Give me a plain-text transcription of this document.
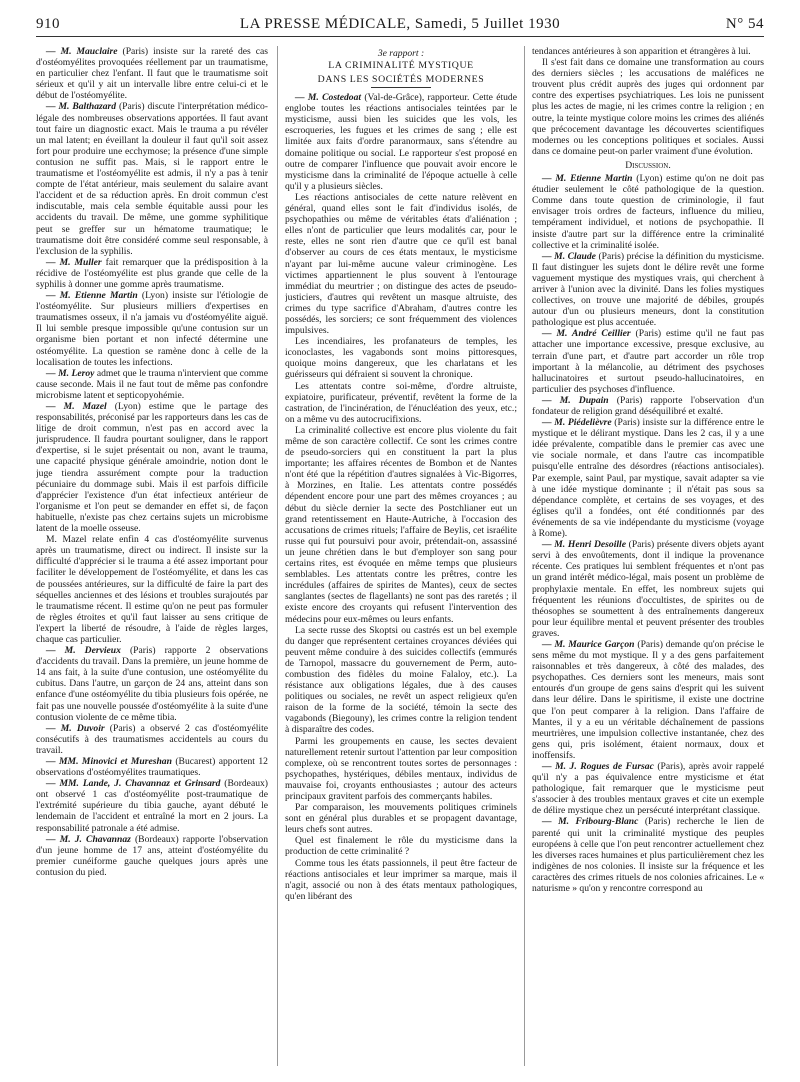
910	LA PRESSE MÉDICALE, Samedi, 5 Juillet 1930	N° 54

— M. Mauclaire (Paris) insiste sur la rareté des cas d'ostéomyélites provoquées réellement par un traumatisme, en particulier chez l'enfant. Il faut que le traumatisme soit sérieux et qu'il y ait un intervalle libre entre celui-ci et le début de l'ostéomyélite.

— M. Balthazard (Paris) discute l'interprétation médico-légale des nombreuses observations apportées. Il faut avant tout faire un diagnostic exact. Mais le trauma a pu révéler un mal latent; en éveillant la douleur il faut qu'il soit assez fort pour produire une ecchymose; la présence d'une simple contusion ne suffit pas. Mais, si le rapport entre le traumatisme et l'ostéomyélite est admis, il n'y a pas à tenir compte de l'état antérieur, mais seulement du salaire avant l'accident et de sa réduction après. En droit commun c'est indiscutable, mais cela semble équitable aussi pour les accidents du travail. De même, une gomme syphilitique peut se greffer sur un hématome traumatique; le traumatisme doit être considéré comme seul responsable, à l'exclusion de la syphilis.

— M. Muller fait remarquer que la prédisposition à la récidive de l'ostéomyélite est plus grande que celle de la syphilis à donner une gomme après traumatisme.

— M. Etienne Martin (Lyon) insiste sur l'étiologie de l'ostéomyélite. Sur plusieurs milliers d'expertises en traumatismes osseux, il n'a jamais vu d'ostéomyélite aiguë. Il lui semble presque impossible qu'une contusion sur un organisme bien portant et non infecté détermine une ostéomyélite. La question se ramène donc à celle de la localisation de toutes les infections.

— M. Leroy admet que le trauma n'intervient que comme cause seconde. Mais il ne faut tout de même pas confondre microbisme latent et septicopyohémie.

— M. Mazel (Lyon) estime que le partage des responsabilités, préconisé par les rapporteurs dans les cas de litige de droit commun, n'est pas en accord avec la jurisprudence. Il faudra pourtant souligner, dans le rapport d'expertise, si le sujet présentait ou non, avant le trauma, une capacité physique générale amoindrie, notion dont le juge tiendra assurément compte pour la traduction pécuniaire du dommage subi. Mais il est parfois difficile d'apprécier l'existence d'un état infectieux antérieur de l'organisme et l'on peut se demander en effet si, de façon habituelle, n'existe pas chez certains sujets un microbisme latent de la moelle osseuse.

M. Mazel relate enfin 4 cas d'ostéomyélite survenus après un traumatisme, direct ou indirect. Il insiste sur la difficulté d'apprécier si le trauma a été assez important pour faciliter le développement de l'ostéomyélite, et dans les cas de poussées antérieures, sur la difficulté de faire la part des séquelles anciennes et des lésions et troubles surajoutés par le traumatisme récent. Il estime qu'on ne peut pas formuler de règles étroites et qu'il faut laisser au sens critique de l'expert la liberté de résoudre, à l'aide de règles larges, chaque cas particulier.

— M. Dervieux (Paris) rapporte 2 observations d'accidents du travail. Dans la première, un jeune homme de 14 ans fait, à la suite d'une contusion, une ostéomyélite du cubitus. Dans l'autre, un garçon de 24 ans, atteint dans son enfance d'une ostéomyélite du tibia plusieurs fois opérée, ne fait pas une nouvelle poussée d'ostéomyélite à la suite d'une contusion violente de ce même tibia.

— M. Duvoir (Paris) a observé 2 cas d'ostéomyélite consécutifs à des traumatismes accidentels au cours du travail.

— MM. Minovici et Mureshan (Bucarest) apportent 12 observations d'ostéomyélites traumatiques.

— MM. Lande, J. Chavannaz et Grinsard (Bordeaux) ont observé 1 cas d'ostéomyélite post-traumatique de l'extrémité supérieure du tibia gauche, ayant débuté le lendemain de l'accident et entraîné la mort en 2 jours. La responsabilité patronale a été admise.

— M. J. Chavannaz (Bordeaux) rapporte l'observation d'un jeune homme de 17 ans, atteint d'ostéomyélite du premier cunéiforme gauche quelques jours après une contusion du pied.

3e rapport :
LA CRIMINALITÉ MYSTIQUE
DANS LES SOCIÉTÉS MODERNES

— M. Costedoat (Val-de-Grâce), rapporteur. Cette étude englobe toutes les réactions antisociales teintées par le mysticisme, aussi bien les suicides que les vols, les escroqueries, les fugues et les crimes de sang ; elle est limitée aux faits d'ordre paranormaux, sans s'étendre au domaine politique ou social. Le rapporteur s'est proposé en outre de comparer l'influence que pouvait avoir encore le mysticisme dans la criminalité de l'époque actuelle à celle qu'il y a plusieurs siècles.

Les réactions antisociales de cette nature relèvent en général, quand elles sont le fait d'individus isolés, de psychopathies ou même de véritables états d'aliénation ; elles n'ont de particulier que leurs modalités car, pour le reste, elles ne sont rien d'autre que ce qu'il est banal d'observer au cours de ces états mentaux, le mysticisme n'ayant par lui-même aucune valeur criminogène. Les victimes appartiennent le plus souvent à l'entourage immédiat du meurtrier ; on distingue des actes de pseudo-justiciers, d'autres qui revêtent un masque altruiste, des crimes du type sacrifice d'Abraham, d'autres contre les possédés, les sorciers; ce sont fréquemment des violences impulsives.

Les incendiaires, les profanateurs de temples, les iconoclastes, les vagabonds sont moins pittoresques, quoique moins dangereux, que les charlatans et les guérisseurs qui défraient si souvent la chronique.

Les attentats contre soi-même, d'ordre altruiste, expiatoire, purificateur, préventif, revêtent la forme de la castration, de l'incinération, de l'énucléation des yeux, etc.; on a même vu des autocrucifixions.

La criminalité collective est encore plus violente du fait même de son caractère collectif. Ce sont les crimes contre de pseudo-sorciers qui en constituent la part la plus importante; les affaires récentes de Bombon et de Nantes n'ont été que la répétition d'autres signalées à Vic-Bigorres, à Morzines, en Italie. Les attentats contre possédés dépendent encore pour une part des mêmes croyances ; au début du siècle dernier la secte des Postchlianer eut un grand retentissement en Haute-Autriche, à l'occasion des accusations de crimes rituels; l'affaire de Beylis, cet israélite russe qui fut poursuivi pour avoir, prétendait-on, assassiné un jeune chrétien dans le but d'employer son sang pour certains rites, est évoquée en même temps que plusieurs semblables. Les attentats contre les prêtres, contre les incrédules (affaires de spirites de Mantes), ceux de sectes sanglantes (sectes de flagellants) ne sont pas des raretés ; il existe encore des croyants qui refusent l'intervention des médecins pour eux-mêmes ou leurs enfants.

La secte russe des Skoptsi ou castrés est un bel exemple du danger que représentent certaines croyances déviées qui peuvent même conduire à des suicides collectifs (emmurés de Tarnopol, massacre du gouvernement de Perm, auto-combustion des fidèles du moine Falaloy, etc.). La résistance aux obligations légales, due à des causes politiques ou sociales, ne revêt un aspect religieux qu'en raison de la forme de la société, témoin la secte des vagabonds (Biegouny), les crimes contre la religion tendent à disparaître des codes.

Parmi les groupements en cause, les sectes devaient naturellement retenir surtout l'attention par leur composition complexe, où se rencontrent toutes sortes de personnages : psychopathes, hystériques, débiles mentaux, individus de mauvaise foi, croyants enthousiastes ; autour des acteurs principaux gravitent parfois des commerçants habiles.

Par comparaison, les mouvements politiques criminels sont en général plus durables et se propagent davantage, leurs chefs sont autres.

Quel est finalement le rôle du mysticisme dans la production de cette criminalité ?

Comme tous les états passionnels, il peut être facteur de réactions antisociales et leur imprimer sa marque, mais il n'agit, associé ou non à des états mentaux pathologiques, qu'en libérant des

tendances antérieures à son apparition et étrangères à lui.

Il s'est fait dans ce domaine une transformation au cours des derniers siècles ; les accusations de maléfices ne trouvent plus crédit auprès des juges qui ordonnent par contre des expertises psychiatriques. Les lois ne punissent plus les actes de magie, ni les crimes contre la religion ; en outre, la teinte mystique colore moins les crimes des aliénés que précocement davantage les découvertes scientifiques modernes ou les conceptions politiques et sociales. Aussi dans ce domaine peut-on parler vraiment d'une évolution.

Discussion.

— M. Etienne Martin (Lyon) estime qu'on ne doit pas étudier seulement le côté pathologique de la question. Comme dans toute question de criminologie, il faut envisager trois ordres de facteurs, influence du milieu, tempérament individuel, et notions de psychopathie. Il insiste d'autre part sur la différence entre la criminalité collective et la criminalité isolée.

— M. Claude (Paris) précise la définition du mysticisme. Il faut distinguer les sujets dont le délire revêt une forme vaguement mystique des mystiques vrais, qui cherchent à arriver à l'union avec la divinité. Dans les folies mystiques collectives, on trouve une majorité de débiles, groupés autour d'un ou plusieurs meneurs, dont la constitution pathologique est plus accentuée.

— M. André Ceillier (Paris) estime qu'il ne faut pas attacher une importance excessive, presque exclusive, au terrain d'une part, et d'autre part accorder un rôle trop important à la mélancolie, au détriment des psychoses hallucinatoires et surtout pseudo-hallucinatoires, en particulier des psychoses d'influence.

— M. Dupain (Paris) rapporte l'observation d'un fondateur de religion grand déséquilibré et exalté.

— M. Piédelièvre (Paris) insiste sur la différence entre le mystique et le délirant mystique. Dans les 2 cas, il y a une idée prévalente, compatible dans le premier cas avec une vie sociale normale, et dans l'autre cas incompatible puisqu'elle entraîne des désordres (réactions antisociales). Par exemple, saint Paul, par mystique, savait adapter sa vie à une idée mystique dominante ; il n'était pas sous sa dépendance complète, et certains de ses voyages, et des églises qu'il a fondées, ont été conditionnés par des événements de sa vie indépendante du mysticisme (voyage à Rome).

— M. Henri Desoille (Paris) présente divers objets ayant servi à des envoûtements, dont il indique la provenance récente. Ces pratiques lui semblent fréquentes et n'ont pas un grand intérêt médico-légal, mais posent un problème de prophylaxie mentale. En effet, les nombreux sujets qui fréquentent les réunions d'occultistes, de spirites ou de théosophes se soumettent à des entraînements dangereux pour leur équilibre mental et peuvent présenter des troubles graves.

— M. Maurice Garçon (Paris) demande qu'on précise le sens même du mot mystique. Il y a des gens parfaitement raisonnables et très dangereux, à côté des malades, des psychopathes. Ces derniers sont les meneurs, mais sont entourés d'un groupe de gens sains d'esprit qui les suivent dans leur délire. Dans le spiritisme, il existe une doctrine que l'on peut comparer à la religion. Dans l'affaire de Mantes, il y a eu un véritable déchaînement de passions meurtrières, une impulsion collective instantanée, chez des gens qui, pris isolément, étaient normaux, doux et inoffensifs.

— M. J. Rogues de Fursac (Paris), après avoir rappelé qu'il n'y a pas équivalence entre mysticisme et état pathologique, fait remarquer que le mysticisme peut s'associer à des troubles mentaux graves et cite un exemple de délire mystique chez un persécuté interprétant classique.

— M. Fribourg-Blanc (Paris) recherche le lien de parenté qui unit la criminalité mystique des peuples européens à celle que l'on peut rencontrer actuellement chez les diverses races humaines et plus particulièrement chez les indigènes de nos colonies. Il insiste sur la fréquence et les caractères des crimes rituels de nos colonies africaines. Le « naturisme » qu'on y rencontre correspond au
